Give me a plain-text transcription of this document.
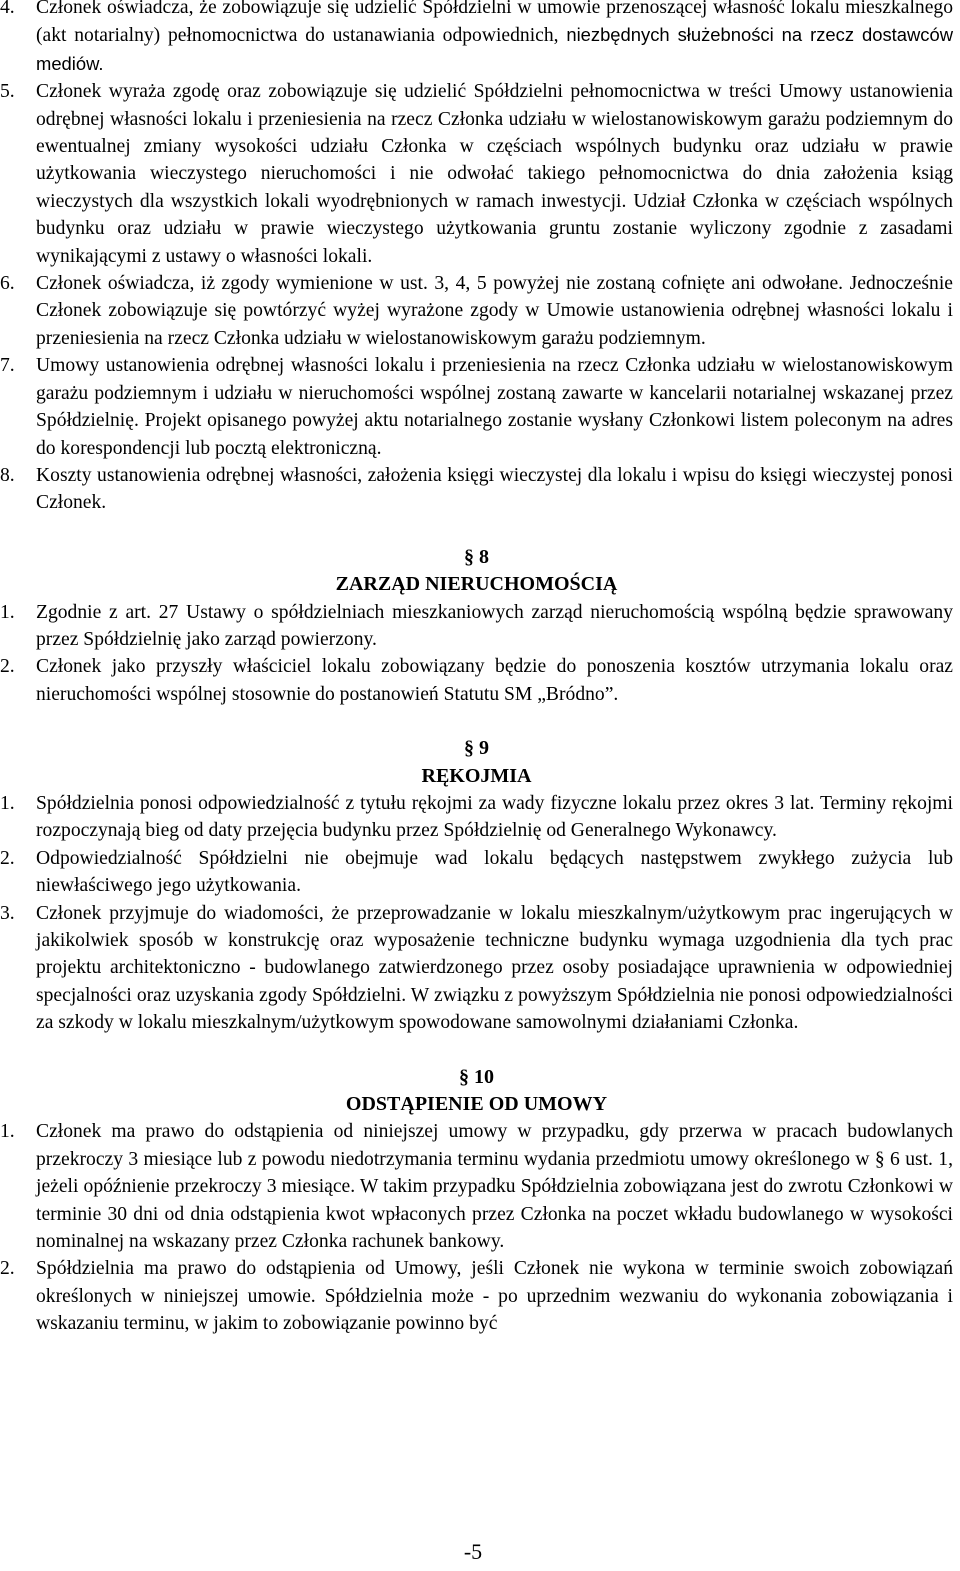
4.	Członek oświadcza, że zobowiązuje się udzielić Spółdzielni w umowie przenoszącej własność lokalu mieszkalnego (akt notarialny) pełnomocnictwa do ustanawiania odpowiednich, niezbędnych służebności na rzecz dostawców mediów.
5.	Członek wyraża zgodę oraz zobowiązuje się udzielić Spółdzielni pełnomocnictwa w treści Umowy ustanowienia odrębnej własności lokalu i przeniesienia na rzecz Członka udziału w wielostanowiskowym garażu podziemnym do ewentualnej zmiany wysokości udziału Członka w częściach wspólnych budynku oraz udziału w prawie użytkowania wieczystego nieruchomości i nie odwołać takiego pełnomocnictwa do dnia założenia ksiąg wieczystych dla wszystkich lokali wyodrębnionych w ramach inwestycji. Udział Członka w częściach wspólnych budynku oraz udziału w prawie wieczystego użytkowania gruntu zostanie wyliczony zgodnie z zasadami wynikającymi z ustawy o własności lokali.
6.	Członek oświadcza, iż zgody wymienione w ust. 3, 4, 5 powyżej nie zostaną cofnięte ani odwołane. Jednocześnie Członek zobowiązuje się powtórzyć wyżej wyrażone zgody w Umowie ustanowienia odrębnej własności lokalu i przeniesienia na rzecz Członka udziału w wielostanowiskowym garażu podziemnym.
7.	Umowy ustanowienia odrębnej własności lokalu i przeniesienia na rzecz Członka udziału w wielostanowiskowym garażu podziemnym i udziału w nieruchomości wspólnej zostaną zawarte w kancelarii notarialnej wskazanej przez Spółdzielnię. Projekt opisanego powyżej aktu notarialnego zostanie wysłany Członkowi listem poleconym na adres do korespondencji lub pocztą elektroniczną.
8.	Koszty ustanowienia odrębnej własności, założenia księgi wieczystej dla lokalu i wpisu do księgi wieczystej ponosi Członek.
§ 8
ZARZĄD NIERUCHOMOŚCIĄ
1.	Zgodnie z art. 27 Ustawy o spółdzielniach mieszkaniowych zarząd nieruchomością wspólną będzie sprawowany przez Spółdzielnię jako zarząd powierzony.
2.	Członek jako przyszły właściciel lokalu zobowiązany będzie do ponoszenia kosztów utrzymania lokalu oraz nieruchomości wspólnej stosownie do postanowień Statutu SM „Bródno”.
§ 9
RĘKOJMIA
1.	Spółdzielnia ponosi odpowiedzialność z tytułu rękojmi za wady fizyczne lokalu przez okres 3 lat. Terminy rękojmi rozpoczynają bieg od daty przejęcia budynku przez Spółdzielnię od Generalnego Wykonawcy.
2.	Odpowiedzialność Spółdzielni nie obejmuje wad lokalu będących następstwem zwykłego zużycia lub niewłaściwego jego użytkowania.
3.	Członek przyjmuje do wiadomości, że przeprowadzanie w lokalu mieszkalnym/użytkowym prac ingerujących w jakikolwiek sposób w konstrukcję oraz wyposażenie techniczne budynku wymaga uzgodnienia dla tych prac projektu architektoniczno - budowlanego zatwierdzonego przez osoby posiadające uprawnienia w odpowiedniej specjalności oraz uzyskania zgody Spółdzielni. W związku z powyższym Spółdzielnia nie ponosi odpowiedzialności za szkody w lokalu mieszkalnym/użytkowym spowodowane samowolnymi działaniami Członka.
§ 10
ODSTĄPIENIE OD UMOWY
1.	Członek ma prawo do odstąpienia od niniejszej umowy w przypadku, gdy przerwa w pracach budowlanych przekroczy 3 miesiące lub z powodu niedotrzymania terminu wydania przedmiotu umowy określonego w § 6 ust. 1, jeżeli opóźnienie przekroczy 3 miesiące. W takim przypadku Spółdzielnia zobowiązana jest do zwrotu Członkowi w terminie 30 dni od dnia odstąpienia kwot wpłaconych przez Członka na poczet wkładu budowlanego w wysokości nominalnej na wskazany przez Członka rachunek bankowy.
2.	Spółdzielnia ma prawo do odstąpienia od Umowy, jeśli Członek nie wykona w terminie swoich zobowiązań określonych w niniejszej umowie. Spółdzielnia może - po uprzednim wezwaniu do wykonania zobowiązania i wskazaniu terminu, w jakim to zobowiązanie powinno być
-5
